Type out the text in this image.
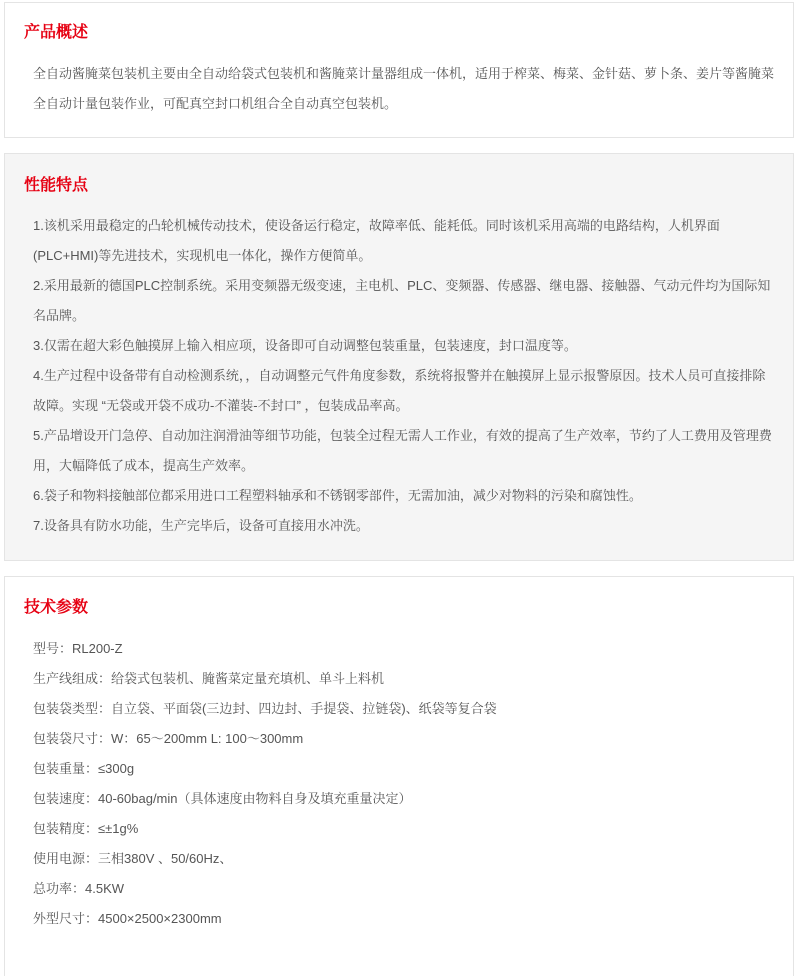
产品概述

全自动酱腌菜包装机主要由全自动给袋式包装机和酱腌菜计量器组成一体机，适用于榨菜、梅菜、金针菇、萝卜条、姜片等酱腌菜全自动计量包装作业，可配真空封口机组合全自动真空包装机。

性能特点
1.该机采用最稳定的凸轮机械传动技术，使设备运行稳定，故障率低、能耗低。同时该机采用高端的电路结构，人机界面(PLC+HMI)等先进技术，实现机电一体化，操作方便简单。
2.采用最新的德国PLC控制系统。采用变频器无级变速，主电机、PLC、变频器、传感器、继电器、接触器、气动元件均为国际知名品牌。
3.仅需在超大彩色触摸屏上输入相应项，设备即可自动调整包装重量，包装速度，封口温度等。
4.生产过程中设备带有自动检测系统，，自动调整元气件角度参数，系统将报警并在触摸屏上显示报警原因。技术人员可直接排除故障。实现 “无袋或开袋不成功-不灌装-不封口” ，包装成品率高。
5.产品增设开门急停、自动加注润滑油等细节功能，包装全过程无需人工作业，有效的提高了生产效率，节约了人工费用及管理费用，大幅降低了成本，提高生产效率。
6.袋子和物料接触部位都采用进口工程塑料轴承和不锈钢零部件，无需加油，减少对物料的污染和腐蚀性。
7.设备具有防水功能，生产完毕后，设备可直接用水冲洗。
技术参数
型号：RL200-Z
生产线组成：给袋式包装机、腌酱菜定量充填机、单斗上料机
包装袋类型：自立袋、平面袋(三边封、四边封、手提袋、拉链袋)、纸袋等复合袋
包装袋尺寸：W：65～200mm L: 100～300mm
包装重量：≤300g
包装速度：40-60bag/min（具体速度由物料自身及填充重量决定）
包装精度：≤±1g%
使用电源：三相380V 、50/60Hz、
总功率：4.5KW
外型尺寸：4500×2500×2300mm
